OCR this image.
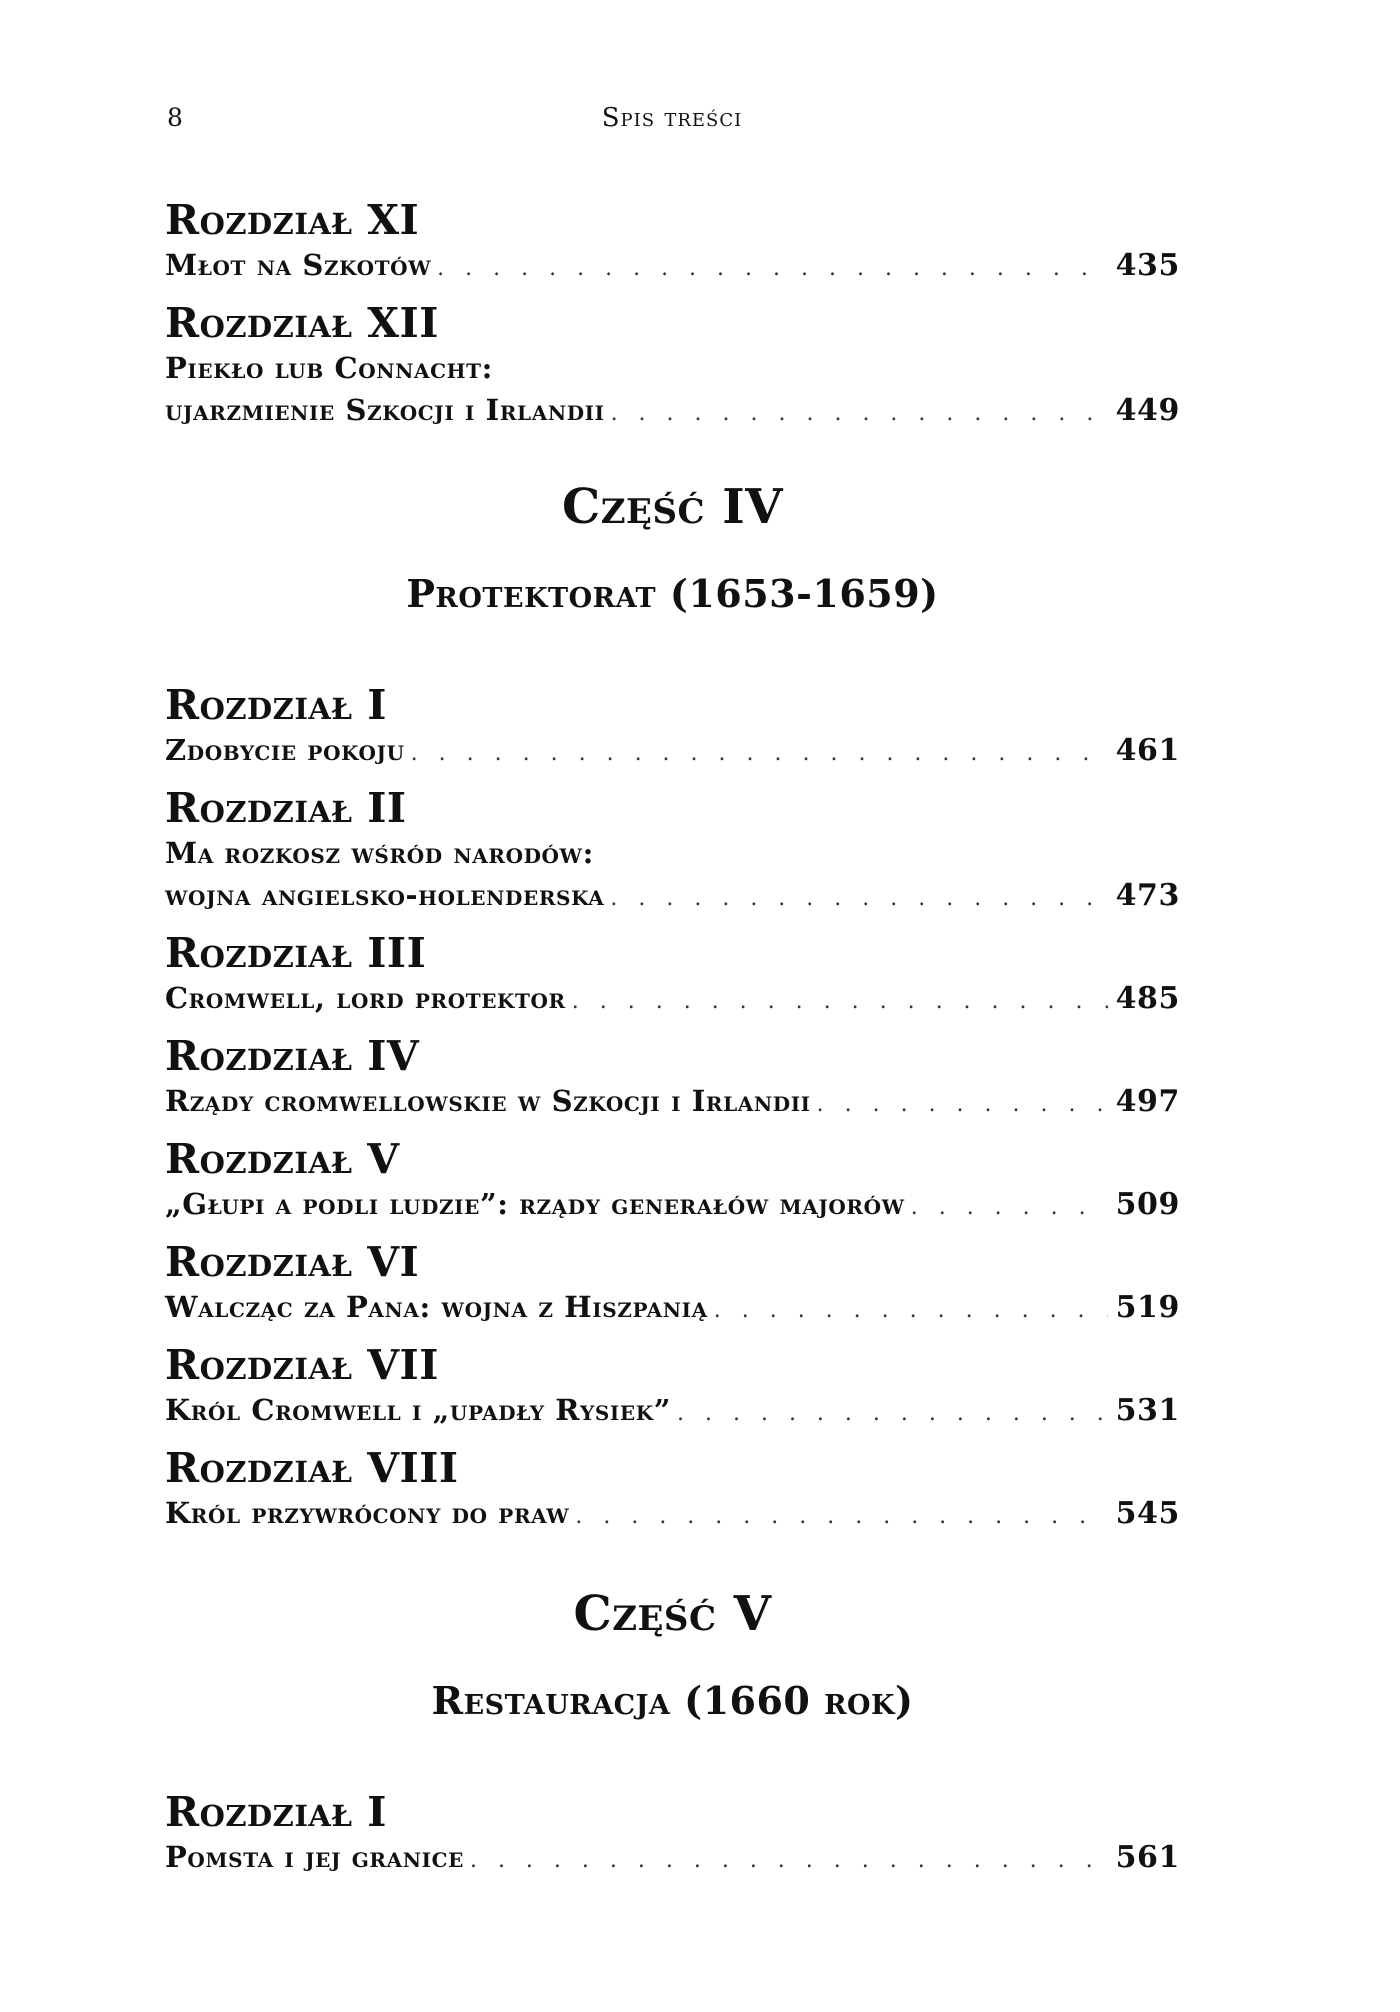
8	Spis treści
Rozdział XI
Młot na Szkotów . . .	435
Rozdział XII
Piekło lub Connacht:
ujarzmienie Szkocji i Irlandii . . .	449
Część IV
Protektorat (1653-1659)
Rozdział I
Zdobycie pokoju . . .	461
Rozdział II
Ma rozkosz wśród narodów:
wojna angielsko-holenderska . . .	473
Rozdział III
Cromwell, lord protektor . . .	485
Rozdział IV
Rządy cromwellowskie w Szkocji i Irlandii . . .	497
Rozdział V
„Głupi a podli ludzie”: rządy generałów majorów . . .	509
Rozdział VI
Walcząc za Pana: wojna z Hiszpanią . . .	519
Rozdział VII
Król Cromwell i „upadły Rysiek” . . .	531
Rozdział VIII
Król przywrócony do praw . . .	545
Część V
Restauracja (1660 rok)
Rozdział I
Pomsta i jej granice . . .	561
